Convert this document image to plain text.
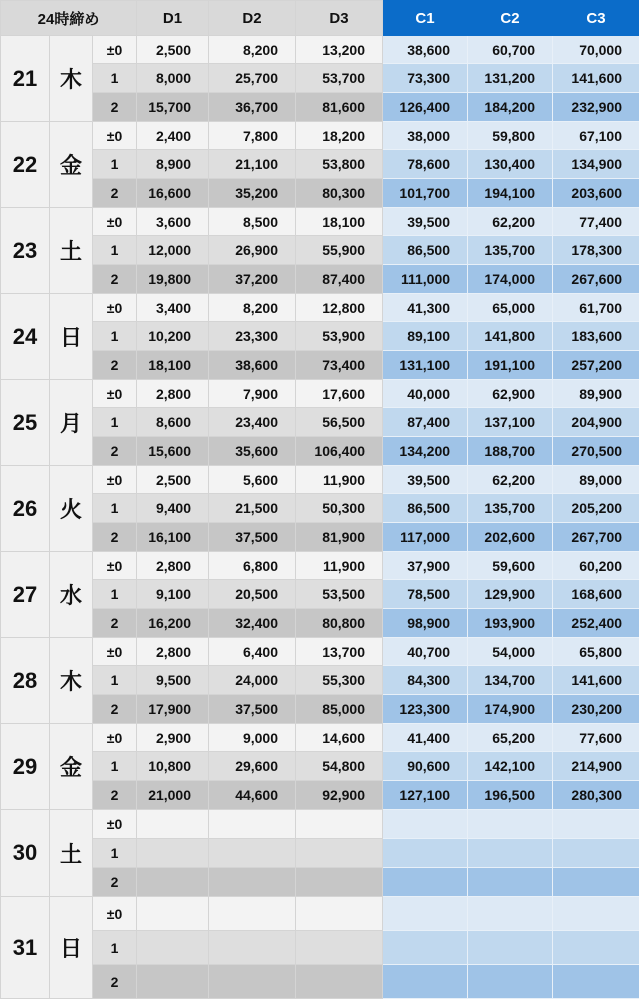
24時締め			D1	D2	D3	C1	C2	C3
21	木	±0	2,500	8,200	13,200	38,600	60,700	70,000
		1	8,000	25,700	53,700	73,300	131,200	141,600
		2	15,700	36,700	81,600	126,400	184,200	232,900
22	金	±0	2,400	7,800	18,200	38,000	59,800	67,100
		1	8,900	21,100	53,800	78,600	130,400	134,900
		2	16,600	35,200	80,300	101,700	194,100	203,600
23	土	±0	3,600	8,500	18,100	39,500	62,200	77,400
		1	12,000	26,900	55,900	86,500	135,700	178,300
		2	19,800	37,200	87,400	111,000	174,000	267,600
24	日	±0	3,400	8,200	12,800	41,300	65,000	61,700
		1	10,200	23,300	53,900	89,100	141,800	183,600
		2	18,100	38,600	73,400	131,100	191,100	257,200
25	月	±0	2,800	7,900	17,600	40,000	62,900	89,900
		1	8,600	23,400	56,500	87,400	137,100	204,900
		2	15,600	35,600	106,400	134,200	188,700	270,500
26	火	±0	2,500	5,600	11,900	39,500	62,200	89,000
		1	9,400	21,500	50,300	86,500	135,700	205,200
		2	16,100	37,500	81,900	117,000	202,600	267,700
27	水	±0	2,800	6,800	11,900	37,900	59,600	60,200
		1	9,100	20,500	53,500	78,500	129,900	168,600
		2	16,200	32,400	80,800	98,900	193,900	252,400
28	木	±0	2,800	6,400	13,700	40,700	54,000	65,800
		1	9,500	24,000	55,300	84,300	134,700	141,600
		2	17,900	37,500	85,000	123,300	174,900	230,200
29	金	±0	2,900	9,000	14,600	41,400	65,200	77,600
		1	10,800	29,600	54,800	90,600	142,100	214,900
		2	21,000	44,600	92,900	127,100	196,500	280,300
30	土	±0						
		1						
		2						
31	日	±0						
		1						
		2						
